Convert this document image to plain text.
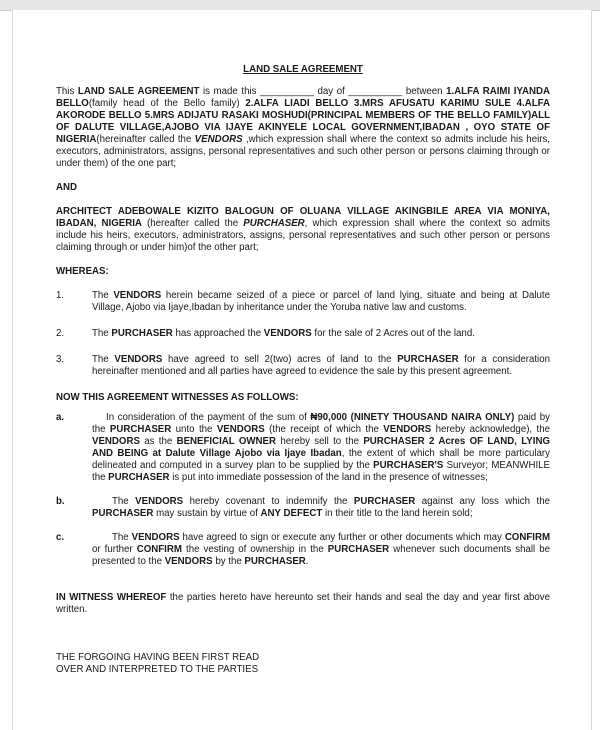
LAND SALE AGREEMENT

This LAND SALE AGREEMENT is made this __________ day of __________ between 1.ALFA RAIMI IYANDA BELLO(family head of the Bello family) 2.ALFA LIADI BELLO 3.MRS AFUSATU KARIMU SULE 4.ALFA AKORODE BELLO 5.MRS ADIJATU RASAKI MOSHUDI(PRINCIPAL MEMBERS OF THE BELLO FAMILY)ALL OF DALUTE VILLAGE,AJOBO VIA IJAYE AKINYELE LOCAL GOVERNMENT,IBADAN , OYO STATE OF NIGERIA(hereinafter called the VENDORS ,which expression shall where the context so admits include his heirs, executors, administrators, assigns, personal representatives and such other person or persons claiming through or under them) of the one part;

AND

ARCHITECT ADEBOWALE KIZITO BALOGUN OF OLUANA VILLAGE AKINGBILE AREA VIA MONIYA, IBADAN, NIGERIA (hereafter called the PURCHASER, which expression shall where the context so admits include his heirs, executors, administrators, assigns, personal representatives and such other person or persons claiming through or under him)of the other part;

WHEREAS:

1.	The VENDORS herein became seized of a piece or parcel of land lying, situate and being at Dalute Village, Ajobo via Ijaye,Ibadan by inheritance under the Yoruba native law and customs.
2.	The PURCHASER has approached the VENDORS for the sale of 2 Acres out of the land.
3.	The VENDORS have agreed to sell 2(two) acres of land to the PURCHASER for a consideration hereinafter mentioned and all parties have agreed to evidence the sale by this present agreement.

NOW THIS AGREEMENT WITNESSES AS FOLLOWS:

a.	In consideration of the payment of the sum of ₦90,000 (NINETY THOUSAND NAIRA ONLY) paid by the PURCHASER unto the VENDORS (the receipt of which the VENDORS hereby acknowledge), the VENDORS as the BENEFICIAL OWNER hereby sell to the PURCHASER 2 Acres OF LAND, LYING AND BEING at Dalute Village Ajobo via Ijaye Ibadan, the extent of which shall be more particulary delineated and computed in a survey plan to be supplied by the PURCHASER'S Surveyor; MEANWHILE the PURCHASER is put into immediate possession of the land in the presence of witnesses;
b.	The VENDORS hereby covenant to indemnify the PURCHASER against any loss which the PURCHASER may sustain by virtue of ANY DEFECT in their title to the land herein sold;
c.	The VENDORS have agreed to sign or execute any further or other documents which may CONFIRM or further CONFIRM the vesting of ownership in the PURCHASER whenever such documents shall be presented to the VENDORS by the PURCHASER.

IN WITNESS WHEREOF the parties hereto have hereunto set their hands and seal the day and year first above written.

THE FORGOING HAVING BEEN FIRST READ

OVER AND INTERPRETED TO THE PARTIES
